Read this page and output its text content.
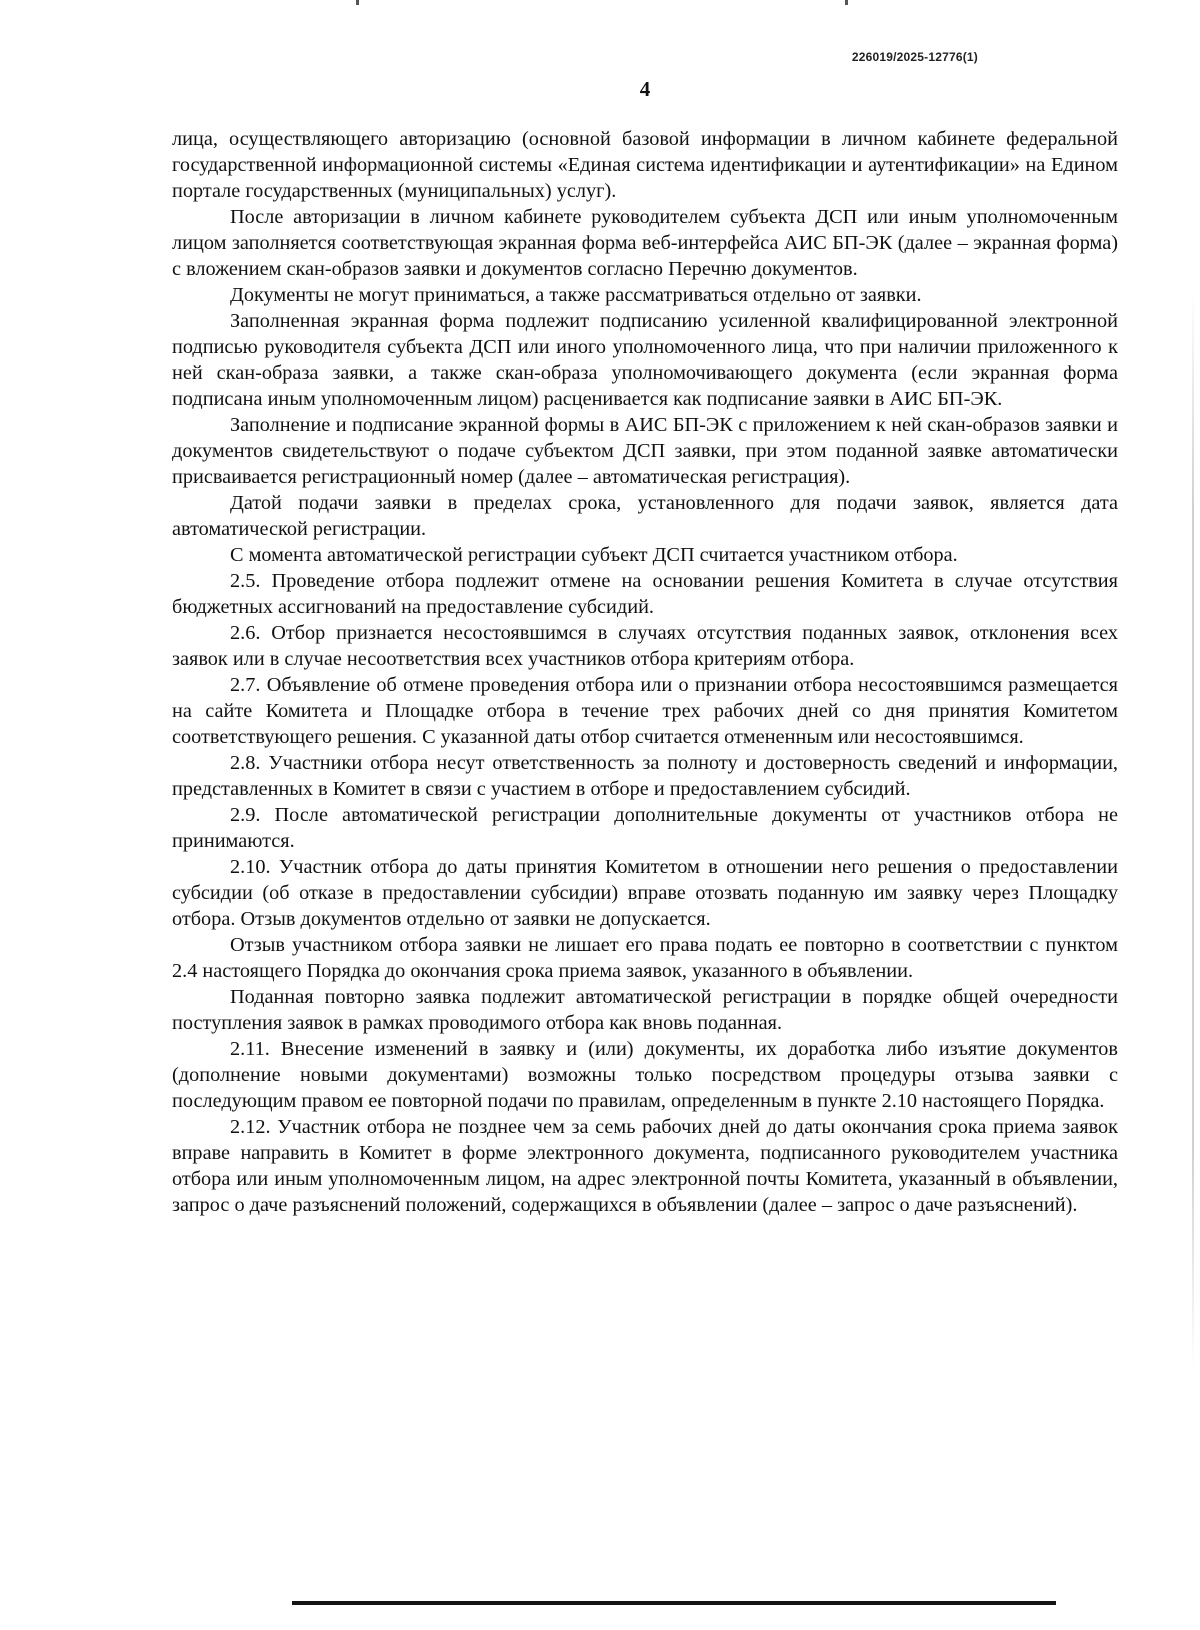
226019/2025-12776(1)
4

лица, осуществляющего авторизацию (основной базовой информации в личном кабинете федеральной государственной информационной системы «Единая система идентификации и аутентификации» на Едином портале государственных (муниципальных) услуг).

После авторизации в личном кабинете руководителем субъекта ДСП или иным уполномоченным лицом заполняется соответствующая экранная форма веб-интерфейса АИС БП-ЭК (далее – экранная форма) с вложением скан-образов заявки и документов согласно Перечню документов.

Документы не могут приниматься, а также рассматриваться отдельно от заявки.

Заполненная экранная форма подлежит подписанию усиленной квалифицированной электронной подписью руководителя субъекта ДСП или иного уполномоченного лица, что при наличии приложенного к ней скан-образа заявки, а также скан-образа уполномочивающего документа (если экранная форма подписана иным уполномоченным лицом) расценивается как подписание заявки в АИС БП-ЭК.

Заполнение и подписание экранной формы в АИС БП-ЭК с приложением к ней скан-образов заявки и документов свидетельствуют о подаче субъектом ДСП заявки, при этом поданной заявке автоматически присваивается регистрационный номер (далее – автоматическая регистрация).

Датой подачи заявки в пределах срока, установленного для подачи заявок, является дата автоматической регистрации.

С момента автоматической регистрации субъект ДСП считается участником отбора.

2.5. Проведение отбора подлежит отмене на основании решения Комитета в случае отсутствия бюджетных ассигнований на предоставление субсидий.

2.6. Отбор признается несостоявшимся в случаях отсутствия поданных заявок, отклонения всех заявок или в случае несоответствия всех участников отбора критериям отбора.

2.7. Объявление об отмене проведения отбора или о признании отбора несостоявшимся размещается на сайте Комитета и Площадке отбора в течение трех рабочих дней со дня принятия Комитетом соответствующего решения. С указанной даты отбор считается отмененным или несостоявшимся.

2.8. Участники отбора несут ответственность за полноту и достоверность сведений и информации, представленных в Комитет в связи с участием в отборе и предоставлением субсидий.

2.9. После автоматической регистрации дополнительные документы от участников отбора не принимаются.

2.10. Участник отбора до даты принятия Комитетом в отношении него решения о предоставлении субсидии (об отказе в предоставлении субсидии) вправе отозвать поданную им заявку через Площадку отбора. Отзыв документов отдельно от заявки не допускается.

Отзыв участником отбора заявки не лишает его права подать ее повторно в соответствии с пунктом 2.4 настоящего Порядка до окончания срока приема заявок, указанного в объявлении.

Поданная повторно заявка подлежит автоматической регистрации в порядке общей очередности поступления заявок в рамках проводимого отбора как вновь поданная.

2.11. Внесение изменений в заявку и (или) документы, их доработка либо изъятие документов (дополнение новыми документами) возможны только посредством процедуры отзыва заявки с последующим правом ее повторной подачи по правилам, определенным в пункте 2.10 настоящего Порядка.

2.12. Участник отбора не позднее чем за семь рабочих дней до даты окончания срока приема заявок вправе направить в Комитет в форме электронного документа, подписанного руководителем участника отбора или иным уполномоченным лицом, на адрес электронной почты Комитета, указанный в объявлении, запрос о даче разъяснений положений, содержащихся в объявлении (далее – запрос о даче разъяснений).
